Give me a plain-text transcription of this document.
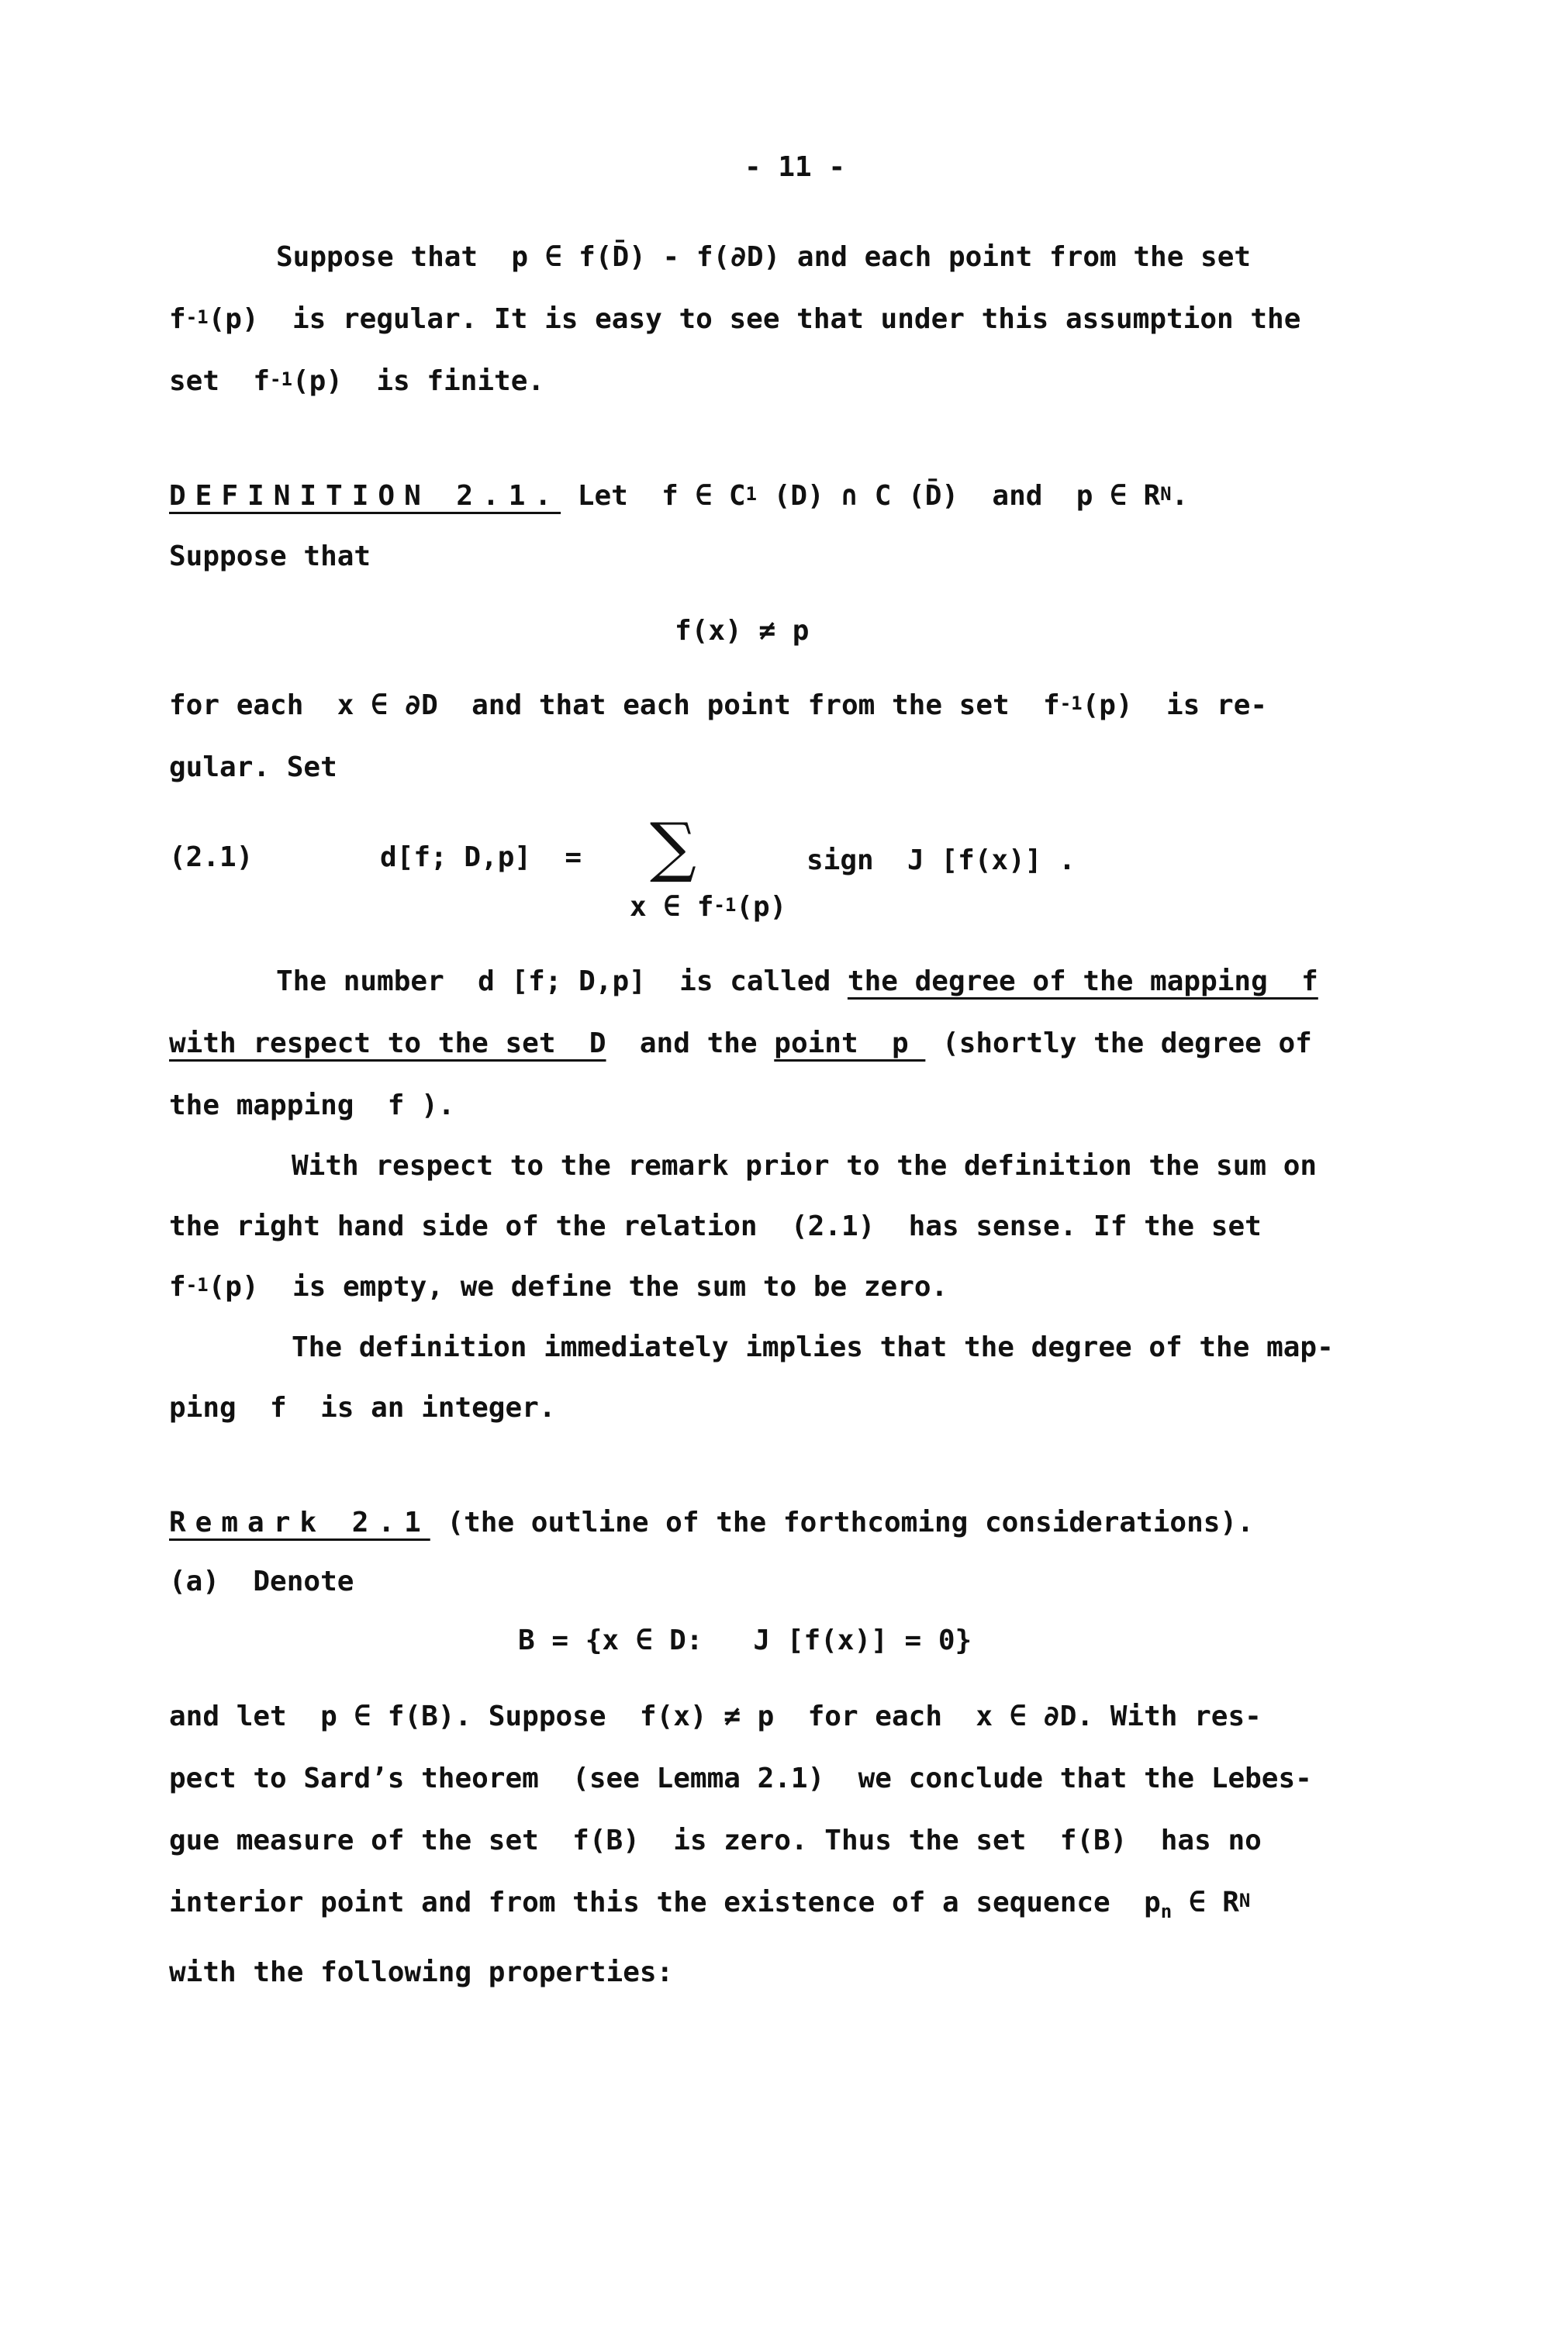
- 11 -
Suppose that  p ∈ f(D̄) - f(∂D) and each point from the set
$f^{-1}(p)$  is regular. It is easy to see that under this assumption the
set  $f^{-1}(p)$  is finite.
DEFINITION 2.1. Let  f ∈ $C^1$ (D) ∩ C (D̄)  and  p ∈ $R^N$.
Suppose that
f(x) ≠ p
for each  x ∈ ∂D  and that each point from the set  $f^{-1}(p)$  is re-
gular. Set
(2.1)	d[f; D,p]  = ∑
x ∈ $f^{-1}(p)$
sign  J [f(x)] .
The number  d [f; D,p]  is called the degree of the mapping  f
with respect to the set  D  and the point  p  (shortly the degree of
the mapping  f ).
With respect to the remark prior to the definition the sum on
the right hand side of the relation  (2.1)  has sense. If the set
$f^{-1}(p)$  is empty, we define the sum to be zero.
The definition immediately implies that the degree of the map-
ping  f  is an integer.
Remark 2.1 (the outline of the forthcoming considerations).
(a)  Denote
B = {x ∈ D:   J [f(x)] = 0}
and let  p ∈ f(B). Suppose  f(x) ≠ p  for each  x ∈ ∂D. With res-
pect to Sard’s theorem  (see Lemma 2.1)  we conclude that the Lebes-
gue measure of the set  f(B)  is zero. Thus the set  f(B)  has no
interior point and from this the existence of a sequence  $p_n$ ∈ $R^N$
with the following properties:
